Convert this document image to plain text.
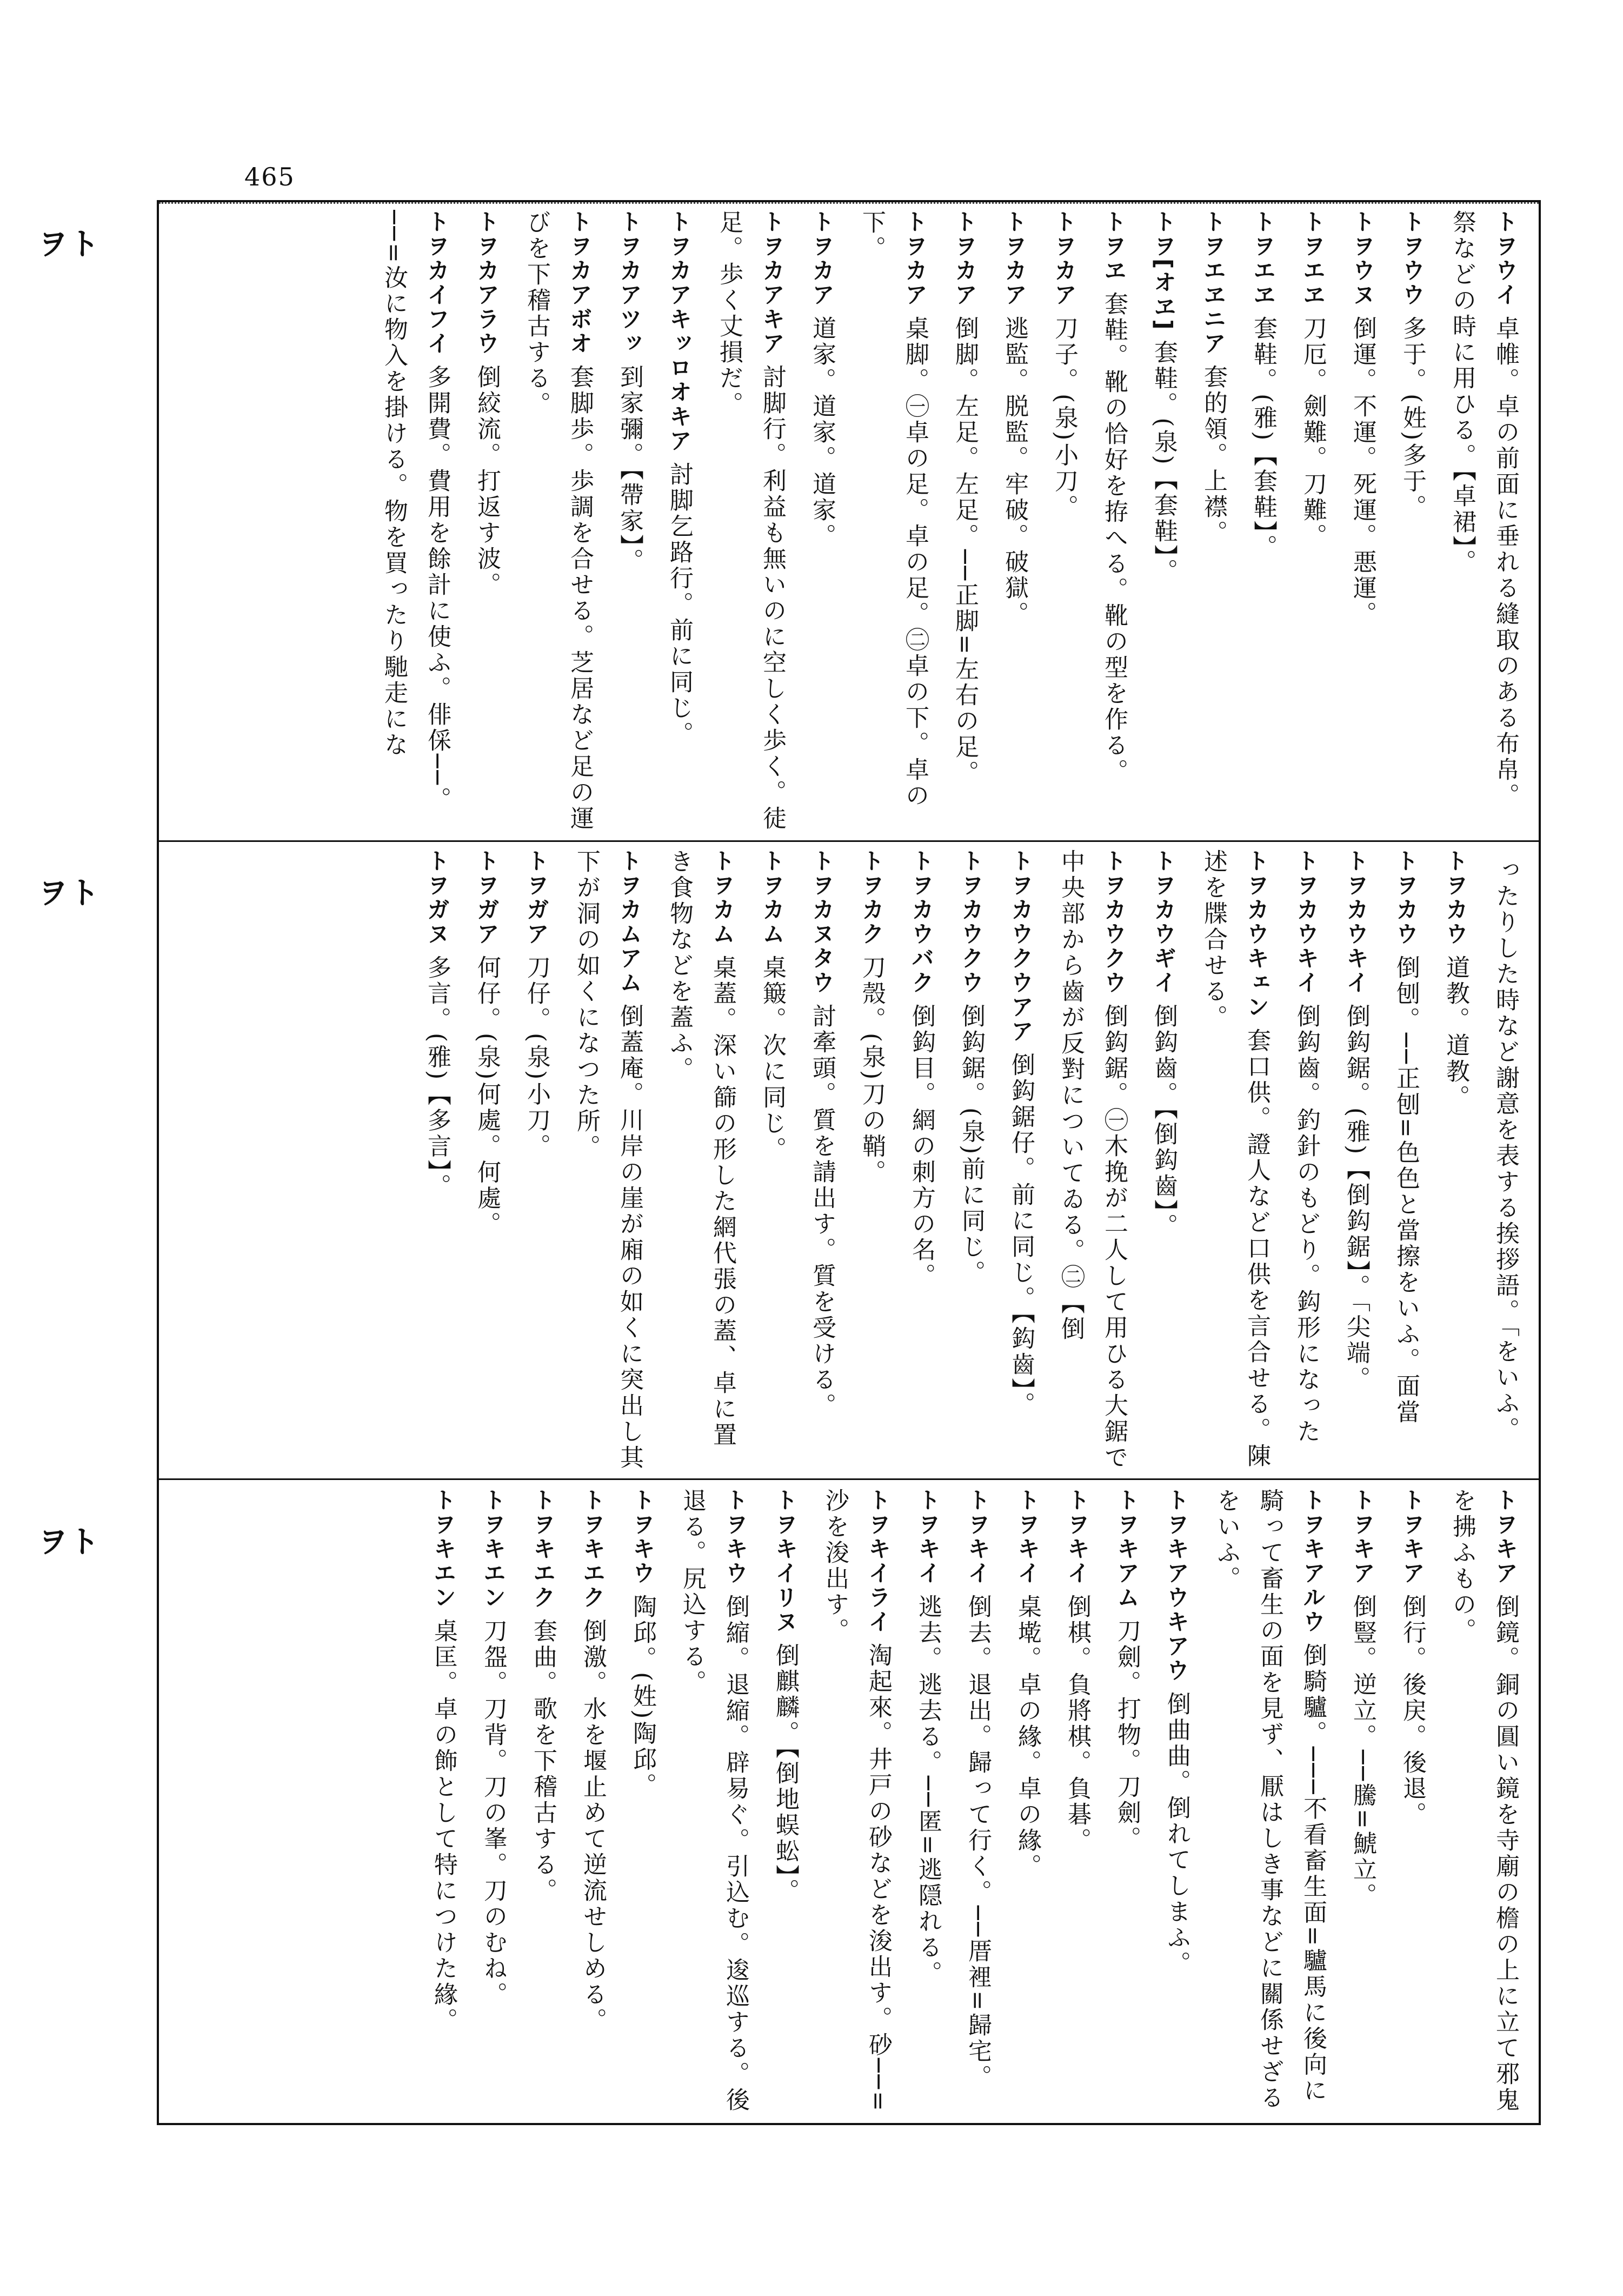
465
ト
ヲ
ト
ヲ
ト
ヲ
トヲウイ卓帷。卓の前面に垂れる縫取のある布帛。祭などの時に用ひる。【卓裙】。
トヲウウ多于。(姓)多于。
トヲウヌ倒運。不運。死運。悪運。
トヲエヱ刀厄。劍難。刀難。
トヲエヱ套鞋。(雅)【套鞋】。
トヲエヱニア套的領。上襟。
トヲ[オヱ]套鞋。(泉)【套鞋】。
トヲヱ套鞋。靴の恰好を拵へる。靴の型を作る。
トヲカア刀子。(泉)小刀。
トヲカア逃監。脱監。牢破。破獄。
トヲカア倒脚。左足。左足。──正脚=左右の足。
トヲカア桌脚。㊀卓の足。卓の足。㊁卓の下。卓の下。
トヲカア道家。道家。道家。
トヲカアキア討脚行。利益も無いのに空しく歩く。徒足。歩く丈損だ。
トヲカアキッロオキア討脚乞路行。前に同じ。
トヲカアツッ到家彌。【帶家】。
トヲカアボオ套脚歩。歩調を合せる。芝居など足の運びを下稽古する。
トヲカアラウ倒絞流。打返す波。
トヲカイフイ多開費。費用を餘計に使ふ。俳倸──。──=汝に物入を掛ける。物を買ったり馳走にな
ったりした時など謝意を表する挨拶語。「をいふ。
トヲカウ道教。道教。
トヲカウ倒刨。──正刨=色色と當擦をいふ。面當
トヲカウキイ倒鈎鋸。(雅)【倒鈎鋸】。「尖端。
トヲカウキイ倒鈎齒。釣針のもどり。鈎形になった
トヲカウキェン套口供。證人など口供を言合せる。陳述を牒合せる。
トヲカウギイ倒鈎齒。【倒鈎齒】。
トヲカウクウ倒鈎鋸。㊀木挽が二人して用ひる大鋸で中央部から齒が反對についてゐる。㊁【倒
トヲカウクウアア倒鈎鋸仔。前に同じ。【鈎齒】。
トヲカウクウ倒鈎鋸。(泉)前に同じ。
トヲカウバク倒鈎目。網の刺方の名。
トヲカク刀殼。(泉)刀の鞘。
トヲカヌタウ討牽頭。質を請出す。質を受ける。
トヲカム桌簸。次に同じ。
トヲカム桌蓋。深い篩の形した網代張の蓋、卓に置き食物などを蓋ふ。
トヲカムアム倒蓋庵。川岸の崖が廂の如くに突出し其下が洞の如くになつた所。
トヲガア刀仔。(泉)小刀。
トヲガア何仔。(泉)何處。何處。
トヲガヌ多言。(雅)【多言】。
トヲキア倒鏡。銅の圓い鏡を寺廟の檐の上に立て邪鬼を拂ふもの。
トヲキア倒行。後戻。後退。
トヲキア倒豎。逆立。──騰=鯱立。
トヲキアルウ倒騎驢。───不看畜生面=驢馬に後向に騎って畜生の面を見ず、厭はしき事などに關係せざるをいふ。
トヲキアウキアウ倒曲曲。倒れてしまふ。
トヲキアム刀劍。打物。刀劍。
トヲキイ倒棋。負將棋。負碁。
トヲキイ桌墘。卓の緣。卓の緣。
トヲキイ倒去。退出。歸って行く。──厝裡=歸宅。
トヲキイ逃去。逃去る。──匿=逃隠れる。
トヲキイライ淘起來。井戸の砂などを浚出す。砂──=沙を浚出す。
トヲキイリヌ倒麒麟。【倒地蜈蚣】。
トヲキウ倒縮。退縮。辟易ぐ。引込む。逡巡する。後退る。尻込する。
トヲキウ陶邱。(姓)陶邱。
トヲキエク倒激。水を堰止めて逆流せしめる。
トヲキエク套曲。歌を下稽古する。
トヲキエン刀盌。刀背。刀の峯。刀のむね。
トヲキエン桌匡。卓の飾として特につけた緣。
